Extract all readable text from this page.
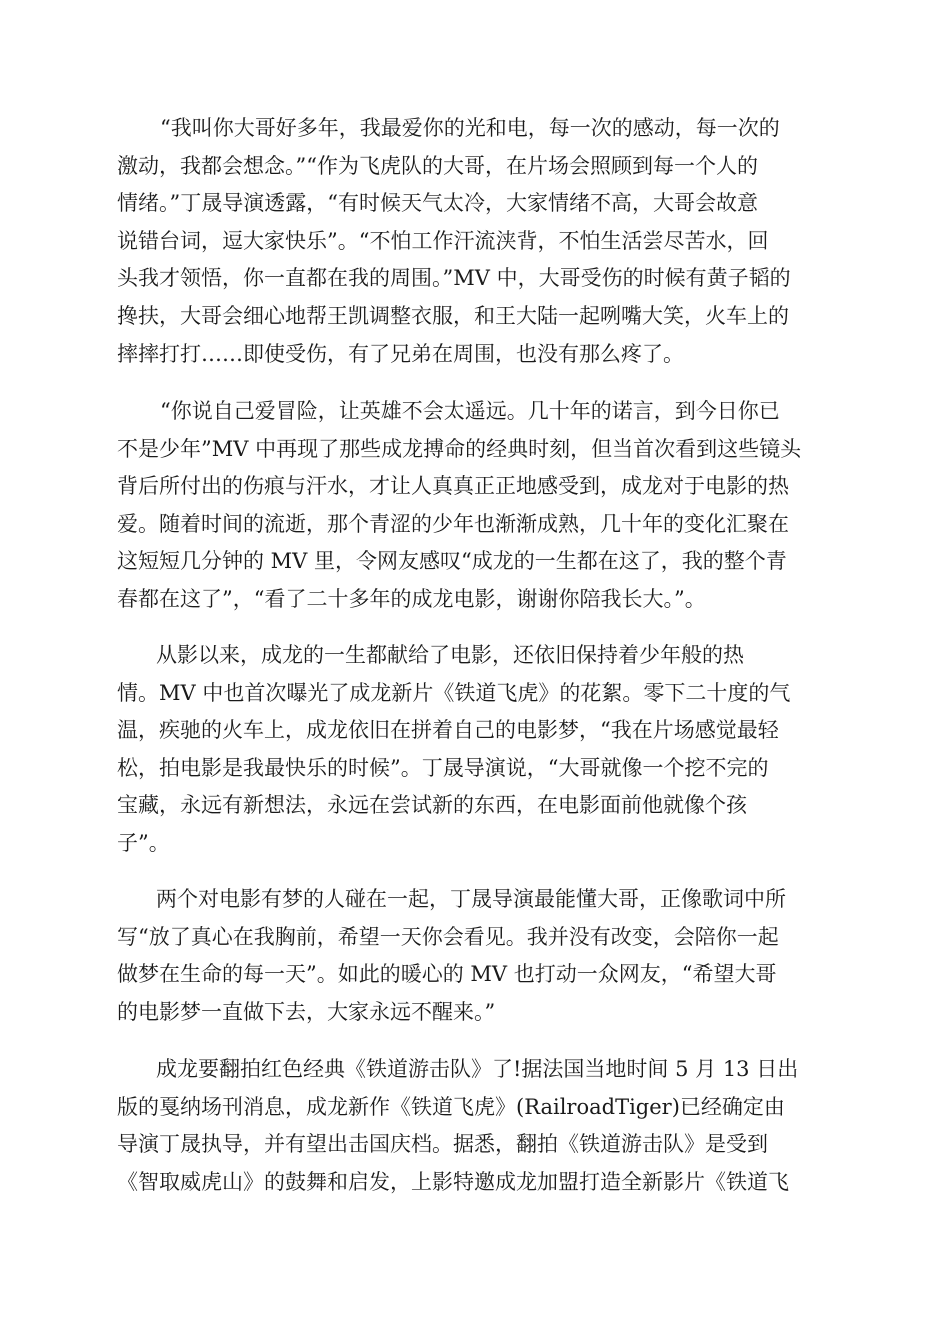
“我叫你大哥好多年，我最爱你的光和电，每一次的感动，每一次的
激动，我都会想念。”“作为飞虎队的大哥，在片场会照顾到每一个人的
情绪。”丁晟导演透露，“有时候天气太冷，大家情绪不高，大哥会故意
说错台词，逗大家快乐”。“不怕工作汗流浃背，不怕生活尝尽苦水，回
头我才领悟，你一直都在我的周围。”MV 中，大哥受伤的时候有黄子韬的
搀扶，大哥会细心地帮王凯调整衣服，和王大陆一起咧嘴大笑，火车上的
摔摔打打……即使受伤，有了兄弟在周围，也没有那么疼了。
“你说自己爱冒险，让英雄不会太遥远。几十年的诺言，到今日你已
不是少年”MV 中再现了那些成龙搏命的经典时刻，但当首次看到这些镜头
背后所付出的伤痕与汗水，才让人真真正正地感受到，成龙对于电影的热
爱。随着时间的流逝，那个青涩的少年也渐渐成熟，几十年的变化汇聚在
这短短几分钟的 MV 里，令网友感叹“成龙的一生都在这了，我的整个青
春都在这了”，“看了二十多年的成龙电影，谢谢你陪我长大。”。
从影以来，成龙的一生都献给了电影，还依旧保持着少年般的热
情。MV 中也首次曝光了成龙新片《铁道飞虎》的花絮。零下二十度的气
温，疾驰的火车上，成龙依旧在拼着自己的电影梦，“我在片场感觉最轻
松，拍电影是我最快乐的时候”。丁晟导演说，“大哥就像一个挖不完的
宝藏，永远有新想法，永远在尝试新的东西，在电影面前他就像个孩
子”。
两个对电影有梦的人碰在一起，丁晟导演最能懂大哥，正像歌词中所
写“放了真心在我胸前，希望一天你会看见。我并没有改变，会陪你一起
做梦在生命的每一天”。如此的暖心的 MV 也打动一众网友，“希望大哥
的电影梦一直做下去，大家永远不醒来。”
成龙要翻拍红色经典《铁道游击队》了!据法国当地时间 5 月 13 日出
版的戛纳场刊消息，成龙新作《铁道飞虎》(RailroadTiger)已经确定由
导演丁晟执导，并有望出击国庆档。据悉，翻拍《铁道游击队》是受到
《智取威虎山》的鼓舞和启发，上影特邀成龙加盟打造全新影片《铁道飞
